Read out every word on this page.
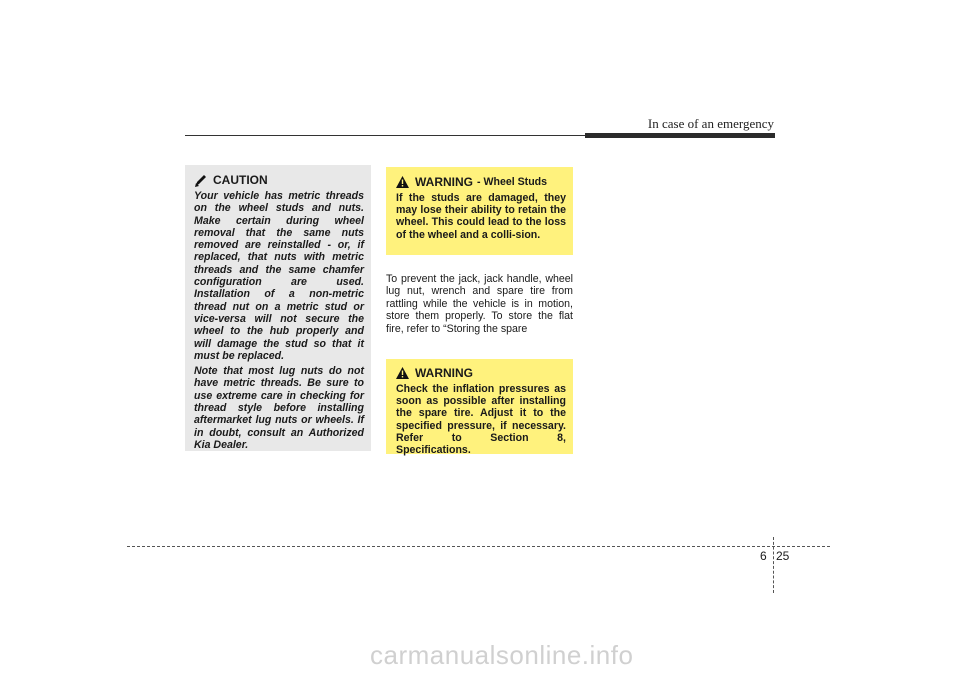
In case of an emergency
CAUTION

Your vehicle has metric threads on the wheel studs and nuts. Make certain during wheel removal that the same nuts removed are reinstalled - or, if replaced, that nuts with metric threads and the same chamfer configuration are used. Installation of a non-metric thread nut on a metric stud or vice-versa will not secure the wheel to the hub properly and will damage the stud so that it must be replaced.

Note that most lug nuts do not have metric threads. Be sure to use extreme care in checking for thread style before installing aftermarket lug nuts or wheels. If in doubt, consult an Authorized Kia Dealer.

WARNING - Wheel Studs

If the studs are damaged, they may lose their ability to retain the wheel. This could lead to the loss of the wheel and a colli-sion.

To prevent the jack, jack handle, wheel lug nut, wrench and spare tire from rattling while the vehicle is in motion, store them properly. To store the flat fire, refer to “Storing the spare

WARNING

Check the inflation pressures as soon as possible after installing the spare tire. Adjust it to the specified pressure, if necessary. Refer to Section 8, Specifications.

6 25
carmanualsonline.info
